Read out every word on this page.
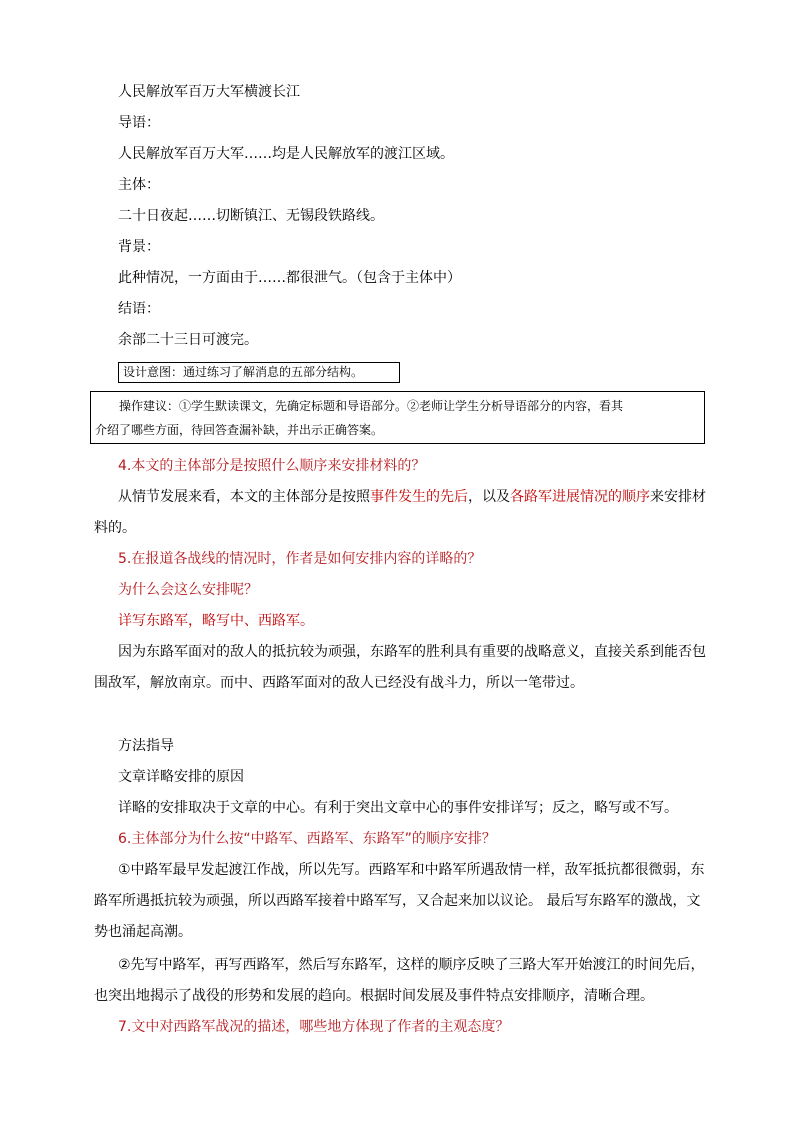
人民解放军百万大军横渡长江
导语：
人民解放军百万大军……均是人民解放军的渡江区域。
主体：
二十日夜起……切断镇江、无锡段铁路线。
背景：
此种情况，一方面由于……都很泄气。（包含于主体中）
结语：
余部二十三日可渡完。
设计意图：通过练习了解消息的五部分结构。
操作建议：①学生默读课文，先确定标题和导语部分。②老师让学生分析导语部分的内容，看其
介绍了哪些方面，待回答查漏补缺，并出示正确答案。
4.本文的主体部分是按照什么顺序来安排材料的？
从情节发展来看，本文的主体部分是按照事件发生的先后，以及各路军进展情况的顺序来安排材
料的。
5.在报道各战线的情况时，作者是如何安排内容的详略的？
为什么会这么安排呢？
详写东路军，略写中、西路军。
因为东路军面对的敌人的抵抗较为顽强，东路军的胜利具有重要的战略意义，直接关系到能否包
围敌军，解放南京。而中、西路军面对的敌人已经没有战斗力，所以一笔带过。
方法指导
文章详略安排的原因
详略的安排取决于文章的中心。有利于突出文章中心的事件安排详写；反之，略写或不写。
6.主体部分为什么按“中路军、西路军、东路军”的顺序安排？
①中路军最早发起渡江作战，所以先写。西路军和中路军所遇敌情一样，敌军抵抗都很微弱，东
路军所遇抵抗较为顽强，所以西路军接着中路军写，又合起来加以议论。 最后写东路军的激战，文
势也涌起高潮。
②先写中路军，再写西路军，然后写东路军，这样的顺序反映了三路大军开始渡江的时间先后，
也突出地揭示了战役的形势和发展的趋向。根据时间发展及事件特点安排顺序，清晰合理。
7.文中对西路军战况的描述，哪些地方体现了作者的主观态度？
